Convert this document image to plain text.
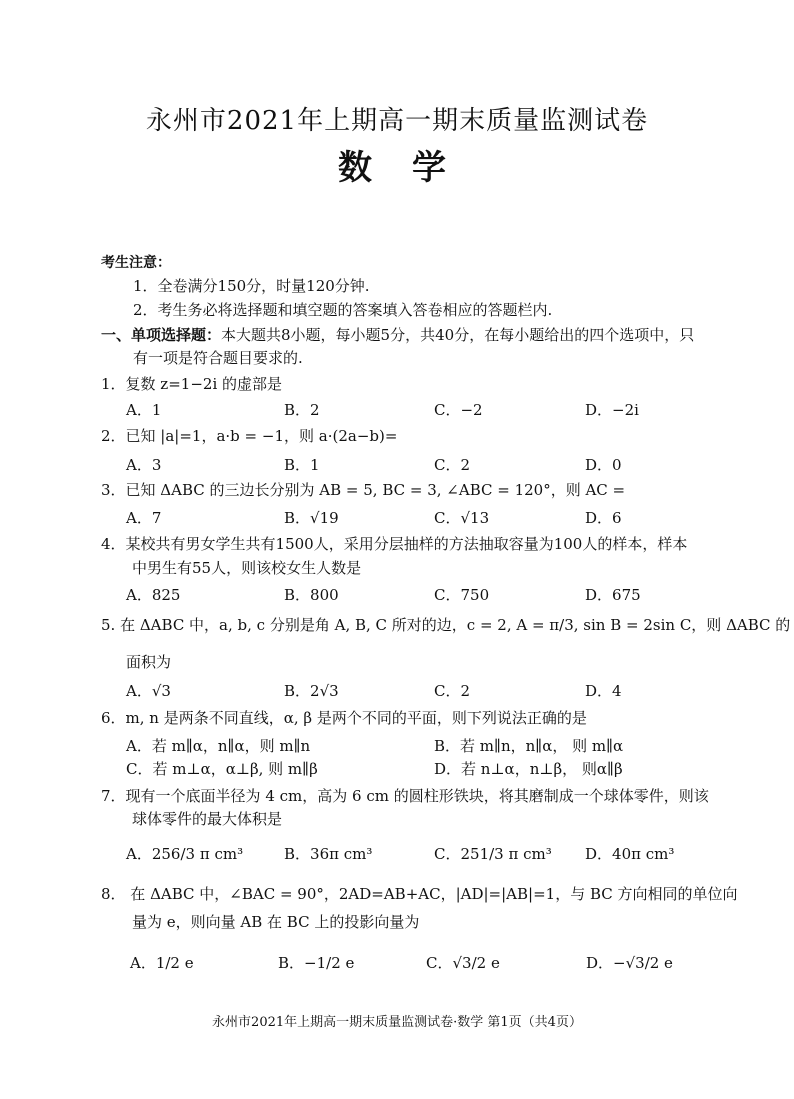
永州市2021年上期高一期末质量监测试卷
数学
考生注意：
1．全卷满分150分，时量120分钟.
2．考生务必将选择题和填空题的答案填入答卷相应的答题栏内.
一、单项选择题：本大题共8小题，每小题5分，共40分，在每小题给出的四个选项中，只
有一项是符合题目要求的.
1．复数 z=1−2i 的虚部是
A．1	B．2	C．−2	D．−2i
2．已知 |a|=1，a·b = −1，则 a·(2a−b)=
A．3	B．1	C．2	D．0
3．已知 ΔABC 的三边长分别为 AB = 5, BC = 3, ∠ABC = 120°，则 AC =
A．7	B．√19	C．√13	D．6
4．某校共有男女学生共有1500人，采用分层抽样的方法抽取容量为100人的样本，样本
中男生有55人，则该校女生人数是
A．825	B．800	C．750	D．675
5. 在 ΔABC 中，a, b, c 分别是角 A, B, C 所对的边，c = 2, A = π/3, sin B = 2sin C，则 ΔABC 的
面积为
A．√3	B．2√3	C．2	D．4
6．m, n 是两条不同直线，α, β 是两个不同的平面，则下列说法正确的是
A．若 m∥α，n∥α，则 m∥n	B．若 m∥n，n∥α， 则 m∥α
C．若 m⊥α，α⊥β, 则 m∥β	D．若 n⊥α，n⊥β， 则α∥β
7．现有一个底面半径为 4 cm，高为 6 cm 的圆柱形铁块，将其磨制成一个球体零件，则该
球体零件的最大体积是
A．256/3 π cm³	B．36π cm³	C．251/3 π cm³ D．40π cm³
8． 在 ΔABC 中，∠BAC = 90°，2AD=AB+AC，|AD|=|AB|=1，与 BC 方向相同的单位向
量为 e，则向量 AB 在 BC 上的投影向量为
A．1/2 e	B．−1/2 e	C．√3/2 e	D．−√3/2 e
永州市2021年上期高一期末质量监测试卷·数学 第1页（共4页）
